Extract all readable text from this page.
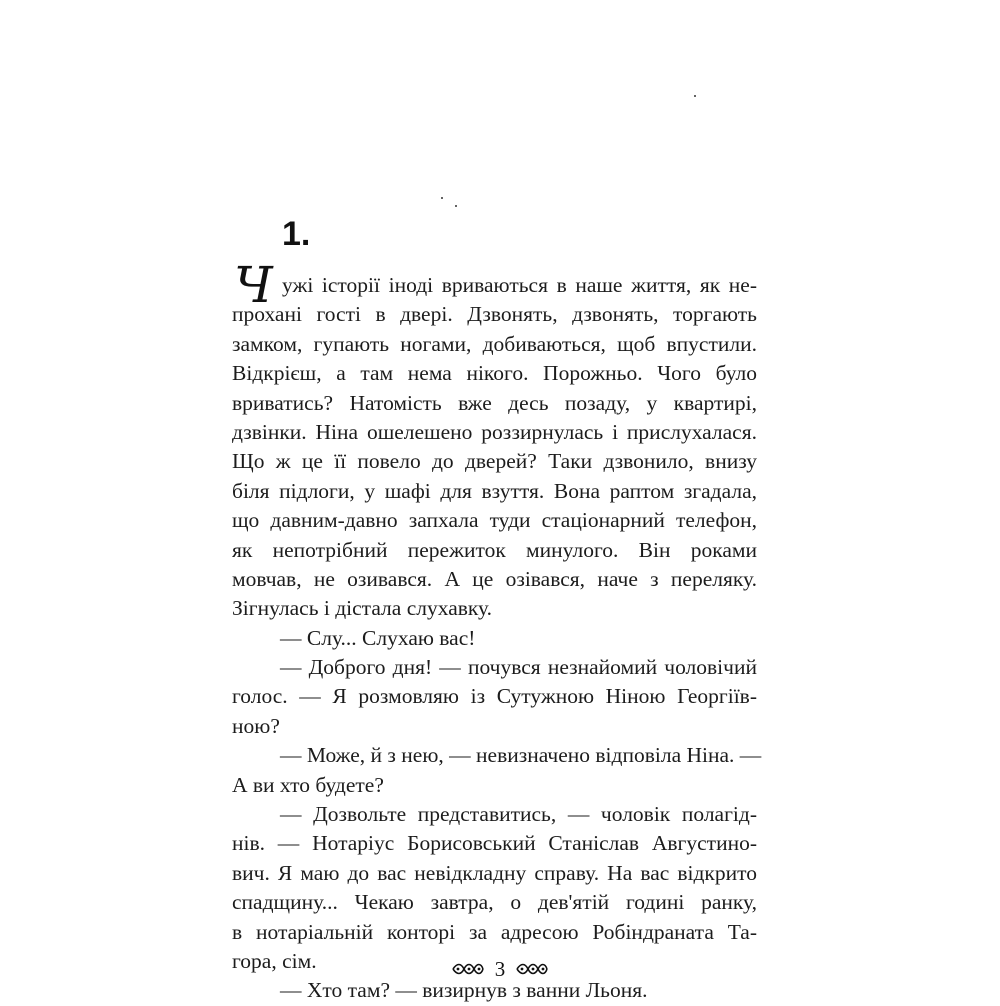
1.
Ч ужі історії іноді вриваються в наше життя, як не-
прохані гості в двері. Дзвонять, дзвонять, торгають
замком, гупають ногами, добиваються, щоб впустили.
Відкрієш, а там нема нікого. Порожньо. Чого було
вриватись? Натомість вже десь позаду, у квартирі,
дзвінки. Ніна ошелешено роззирнулась і прислухалася.
Що ж це її повело до дверей? Таки дзвонило, внизу
біля підлоги, у шафі для взуття. Вона раптом згадала,
що давним-давно запхала туди стаціонарний телефон,
як непотрібний пережиток минулого. Він роками
мовчав, не озивався. А це озівався, наче з переляку.
Зігнулась і дістала слухавку.
— Слу... Слухаю вас!
— Доброго дня! — почувся незнайомий чоловічий
голос. — Я розмовляю із Сутужною Ніною Георгіїв-
ною?
— Може, й з нею, — невизначено відповіла Ніна. —
А ви хто будете?
— Дозвольте представитись, — чоловік полагід-
нів. — Нотаріус Борисовський Станіслав Августино-
вич. Я маю до вас невідкладну справу. На вас відкрито
спадщину... Чекаю завтра, о дев'ятій годині ранку,
в нотаріальній конторі за адресою Робіндраната Та-
гора, сім.
— Хто там? — визирнув з ванни Льоня.
3
